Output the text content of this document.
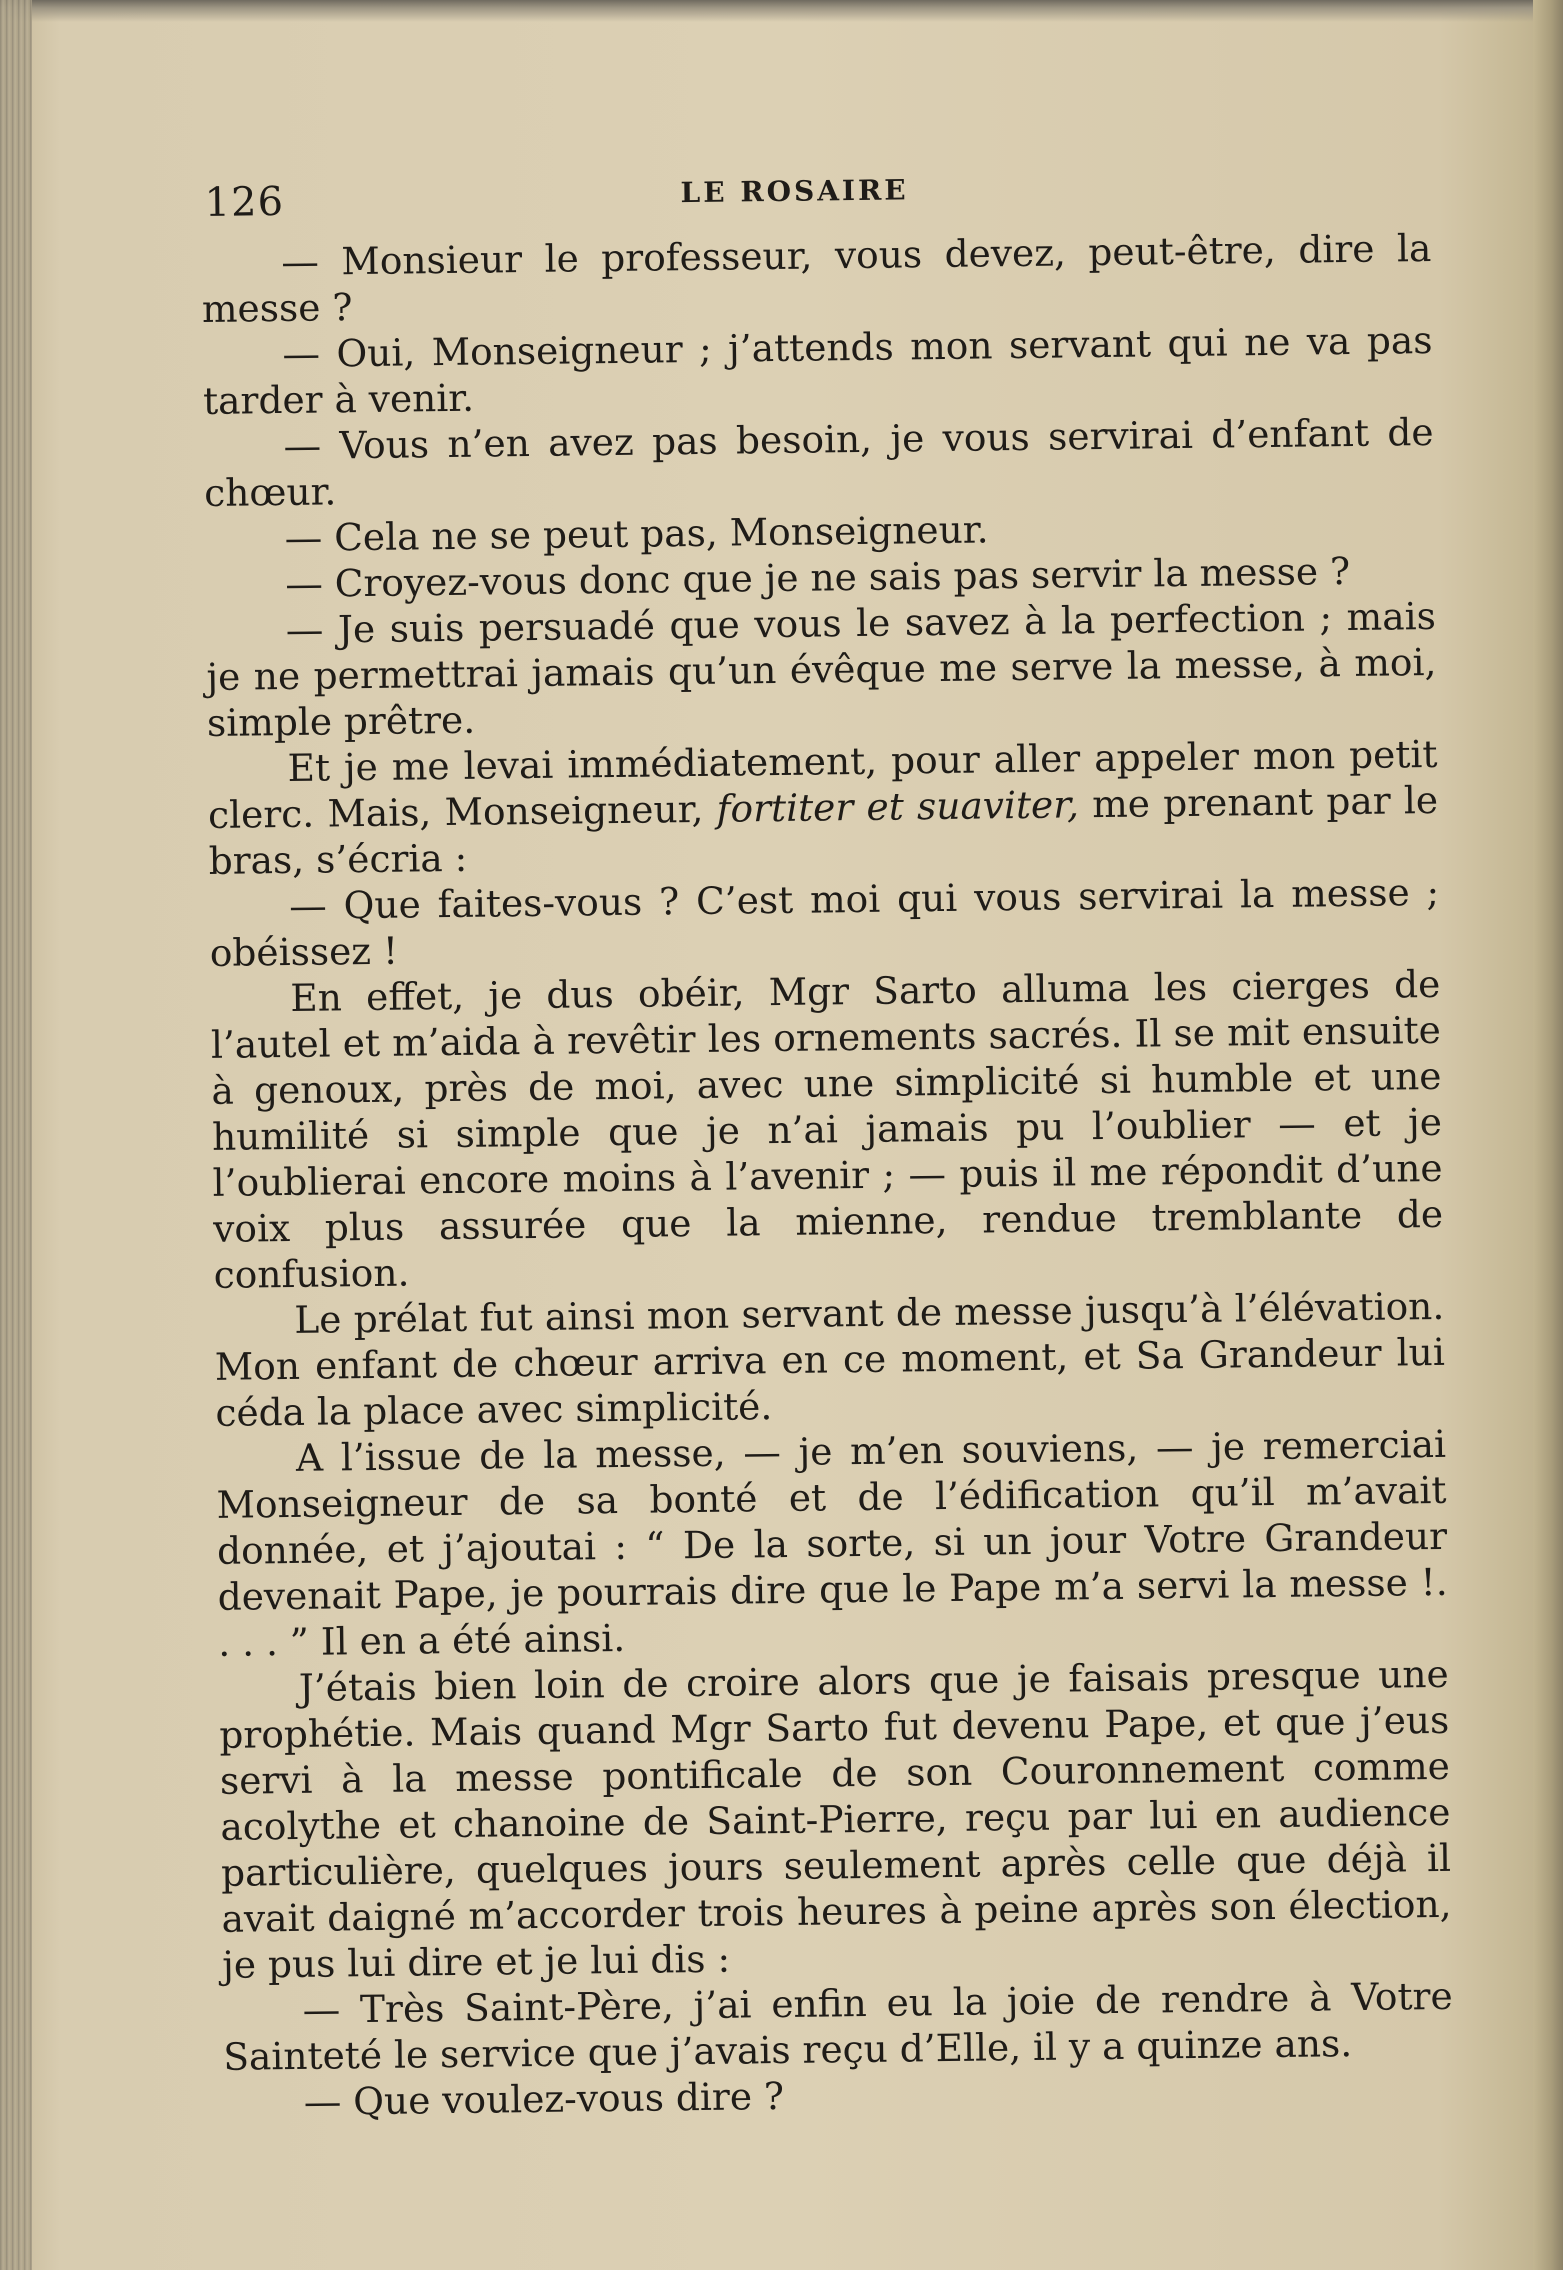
126	LE ROSAIRE

— Monsieur le professeur, vous devez, peut-être, dire la messe ?

— Oui, Monseigneur ; j’attends mon servant qui ne va pas tarder à venir.

— Vous n’en avez pas besoin, je vous servirai d’enfant de chœur.

— Cela ne se peut pas, Monseigneur.

— Croyez-vous donc que je ne sais pas servir la messe ?

— Je suis persuadé que vous le savez à la perfection ; mais je ne permettrai jamais qu’un évêque me serve la messe, à moi, simple prêtre.

Et je me levai immédiatement, pour aller appeler mon petit clerc. Mais, Monseigneur, fortiter et suaviter, me prenant par le bras, s’écria :

— Que faites-vous ? C’est moi qui vous servirai la messe ; obéissez !

En effet, je dus obéir, Mgr Sarto alluma les cierges de l’autel et m’aida à revêtir les ornements sacrés. Il se mit ensuite à genoux, près de moi, avec une simplicité si humble et une humilité si simple que je n’ai jamais pu l’oublier — et je l’oublierai encore moins à l’avenir ; — puis il me répondit d’une voix plus assurée que la mienne, rendue tremblante de confusion.

Le prélat fut ainsi mon servant de messe jusqu’à l’élévation. Mon enfant de chœur arriva en ce moment, et Sa Grandeur lui céda la place avec simplicité.

A l’issue de la messe, — je m’en souviens, — je remerciai Monseigneur de sa bonté et de l’édification qu’il m’avait donnée, et j’ajoutai : “ De la sorte, si un jour Votre Grandeur devenait Pape, je pourrais dire que le Pape m’a servi la messe !. . . . ” Il en a été ainsi.

J’étais bien loin de croire alors que je faisais presque une prophétie. Mais quand Mgr Sarto fut devenu Pape, et que j’eus servi à la messe pontificale de son Couronnement comme acolythe et chanoine de Saint-Pierre, reçu par lui en audience particulière, quelques jours seulement après celle que déjà il avait daigné m’accorder trois heures à peine après son élection, je pus lui dire et je lui dis :

— Très Saint-Père, j’ai enfin eu la joie de rendre à Votre Sainteté le service que j’avais reçu d’Elle, il y a quinze ans.

— Que voulez-vous dire ?
